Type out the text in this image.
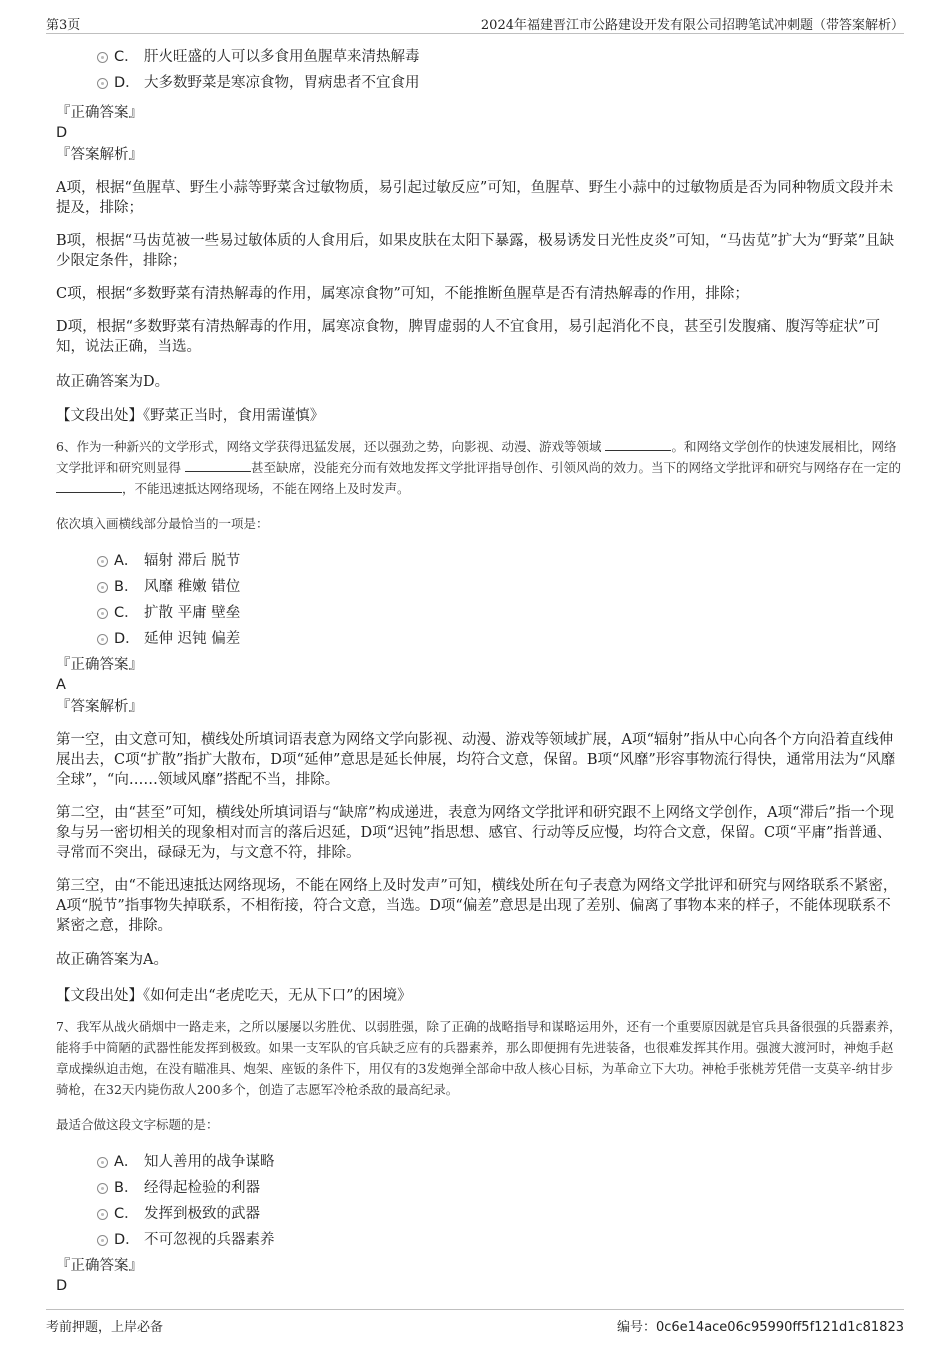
第3页	2024年福建晋江市公路建设开发有限公司招聘笔试冲刺题（带答案解析）
C． 肝火旺盛的人可以多食用鱼腥草来清热解毒
D． 大多数野菜是寒凉食物，胃病患者不宜食用
『正确答案』
D
『答案解析』
A项，根据“鱼腥草、野生小蒜等野菜含过敏物质，易引起过敏反应”可知，鱼腥草、野生小蒜中的过敏物质是否为同种物质文段并未提及，排除；
B项，根据“马齿苋被一些易过敏体质的人食用后，如果皮肤在太阳下暴露，极易诱发日光性皮炎”可知，“马齿苋”扩大为“野菜”且缺少限定条件，排除；
C项，根据“多数野菜有清热解毒的作用，属寒凉食物”可知，不能推断鱼腥草是否有清热解毒的作用，排除；
D项，根据“多数野菜有清热解毒的作用，属寒凉食物，脾胃虚弱的人不宜食用，易引起消化不良，甚至引发腹痛、腹泻等症状”可知，说法正确，当选。
故正确答案为D。
【文段出处】《野菜正当时，食用需谨慎》
6、作为一种新兴的文学形式，网络文学获得迅猛发展，还以强劲之势，向影视、动漫、游戏等领域	。和网络文学创作的快速发展相比，网络文学批评和研究则显得	甚至缺席，没能充分而有效地发挥文学批评指导创作、引领风尚的效力。当下的网络文学批评和研究与网络存在一定的 ，不能迅速抵达网络现场，不能在网络上及时发声。
依次填入画横线部分最恰当的一项是：
A． 辐射 滞后 脱节
B． 风靡 稚嫩 错位
C． 扩散 平庸 壁垒
D． 延伸 迟钝 偏差
『正确答案』
A
『答案解析』
第一空，由文意可知，横线处所填词语表意为网络文学向影视、动漫、游戏等领域扩展，A项“辐射”指从中心向各个方向沿着直线伸展出去，C项“扩散”指扩大散布，D项“延伸”意思是延长伸展，均符合文意，保留。B项“风靡”形容事物流行得快，通常用法为“风靡全球”，“向……领域风靡”搭配不当，排除。
第二空，由“甚至”可知，横线处所填词语与“缺席”构成递进，表意为网络文学批评和研究跟不上网络文学创作，A项“滞后”指一个现象与另一密切相关的现象相对而言的落后迟延，D项“迟钝”指思想、感官、行动等反应慢，均符合文意，保留。C项“平庸”指普通、寻常而不突出，碌碌无为，与文意不符，排除。
第三空，由“不能迅速抵达网络现场，不能在网络上及时发声”可知，横线处所在句子表意为网络文学批评和研究与网络联系不紧密，A项“脱节”指事物失掉联系，不相衔接，符合文意，当选。D项“偏差”意思是出现了差别、偏离了事物本来的样子，不能体现联系不紧密之意，排除。
故正确答案为A。
【文段出处】《如何走出“老虎吃天，无从下口”的困境》
7、我军从战火硝烟中一路走来，之所以屡屡以劣胜优、以弱胜强，除了正确的战略指导和谋略运用外，还有一个重要原因就是官兵具备很强的兵器素养，能将手中简陋的武器性能发挥到极致。如果一支军队的官兵缺乏应有的兵器素养，那么即便拥有先进装备，也很难发挥其作用。强渡大渡河时，神炮手赵章成操纵迫击炮，在没有瞄准具、炮架、座钣的条件下，用仅有的3发炮弹全部命中敌人核心目标，为革命立下大功。神枪手张桃芳凭借一支莫辛-纳甘步骑枪，在32天内毙伤敌人200多个，创造了志愿军冷枪杀敌的最高纪录。
最适合做这段文字标题的是：
A． 知人善用的战争谋略
B． 经得起检验的利器
C． 发挥到极致的武器
D． 不可忽视的兵器素养
『正确答案』
D
考前押题，上岸必备	编号：0c6e14ace06c95990ff5f121d1c81823
